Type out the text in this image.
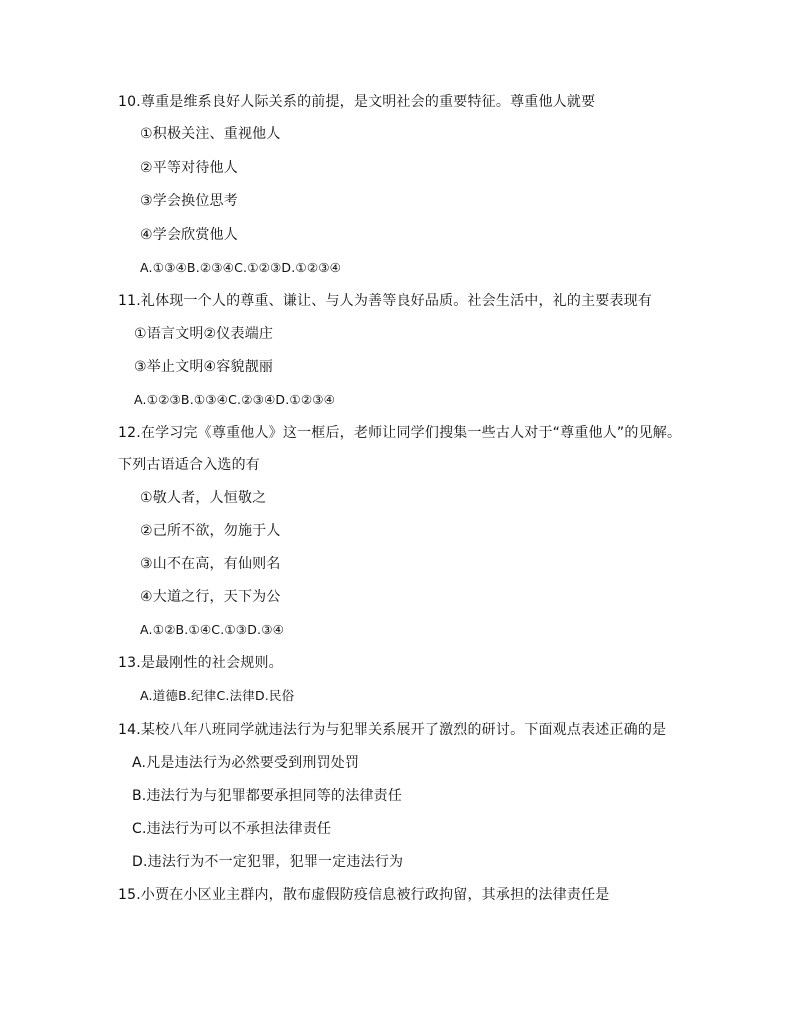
10.尊重是维系良好人际关系的前提，是文明社会的重要特征。尊重他人就要
①积极关注、重视他人
②平等对待他人
③学会换位思考
④学会欣赏他人
A.①③④B.②③④C.①②③D.①②③④
11.礼体现一个人的尊重、谦让、与人为善等良好品质。社会生活中，礼的主要表现有
①语言文明②仪表端庄
③举止文明④容貌靓丽
A.①②③B.①③④C.②③④D.①②③④
12.在学习完《尊重他人》这一框后，老师让同学们搜集一些古人对于“尊重他人”的见解。
下列古语适合入选的有
①敬人者，人恒敬之
②己所不欲，勿施于人
③山不在高，有仙则名
④大道之行，天下为公
A.①②B.①④C.①③D.③④
13.是最刚性的社会规则。
A.道德B.纪律C.法律D.民俗
14.某校八年八班同学就违法行为与犯罪关系展开了激烈的研讨。下面观点表述正确的是
A.凡是违法行为必然要受到刑罚处罚
B.违法行为与犯罪都要承担同等的法律责任
C.违法行为可以不承担法律责任
D.违法行为不一定犯罪，犯罪一定违法行为
15.小贾在小区业主群内，散布虚假防疫信息被行政拘留，其承担的法律责任是
